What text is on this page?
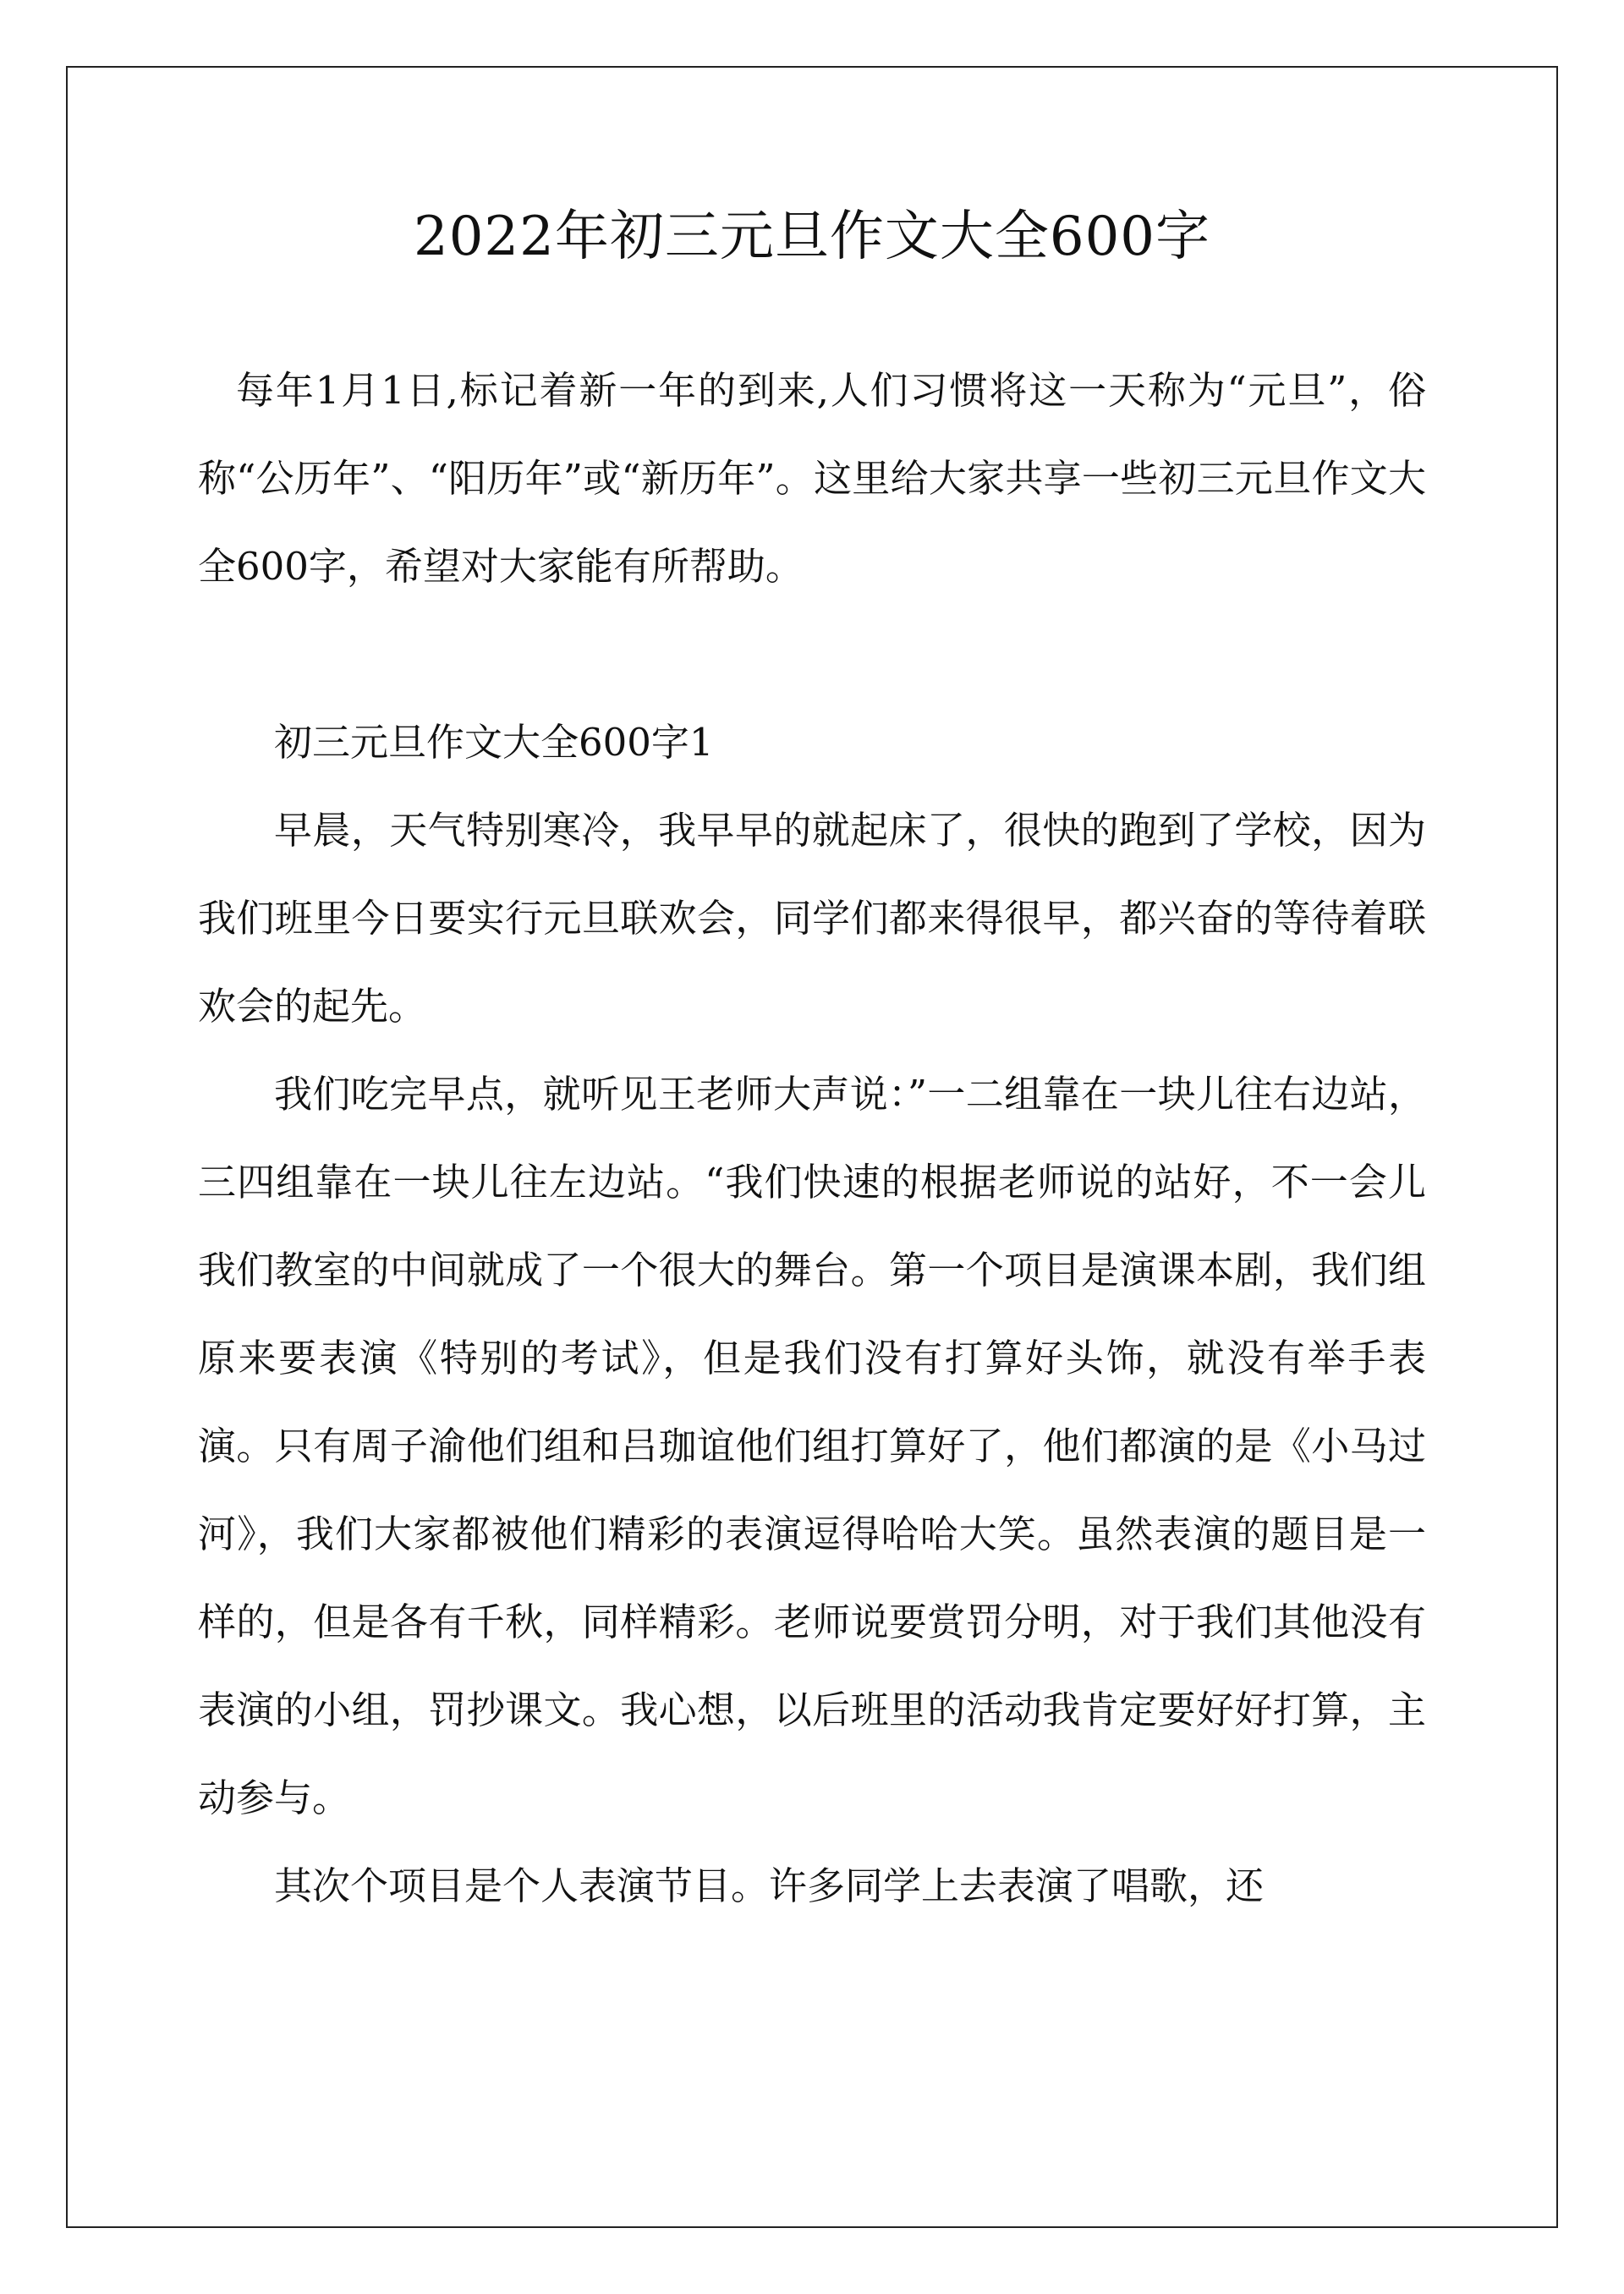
2022年初三元旦作文大全600字

每年1月1日,标记着新一年的到来,人们习惯将这一天称为“元旦”，俗称“公历年”、“阳历年”或“新历年”。这里给大家共享一些初三元旦作文大全600字，希望对大家能有所帮助。

初三元旦作文大全600字1

早晨，天气特别寒冷，我早早的就起床了，很快的跑到了学校，因为我们班里今日要实行元旦联欢会，同学们都来得很早，都兴奋的等待着联欢会的起先。

我们吃完早点，就听见王老师大声说：”一二组靠在一块儿往右边站，三四组靠在一块儿往左边站。“我们快速的根据老师说的站好，不一会儿我们教室的中间就成了一个很大的舞台。第一个项目是演课本剧，我们组原来要表演《特别的考试》，但是我们没有打算好头饰，就没有举手表演。只有周子渝他们组和吕珈谊他们组打算好了，他们都演的是《小马过河》，我们大家都被他们精彩的表演逗得哈哈大笑。虽然表演的题目是一样的，但是各有千秋，同样精彩。老师说要赏罚分明，对于我们其他没有表演的小组，罚抄课文。我心想，以后班里的活动我肯定要好好打算，主动参与。

其次个项目是个人表演节目。许多同学上去表演了唱歌，还
